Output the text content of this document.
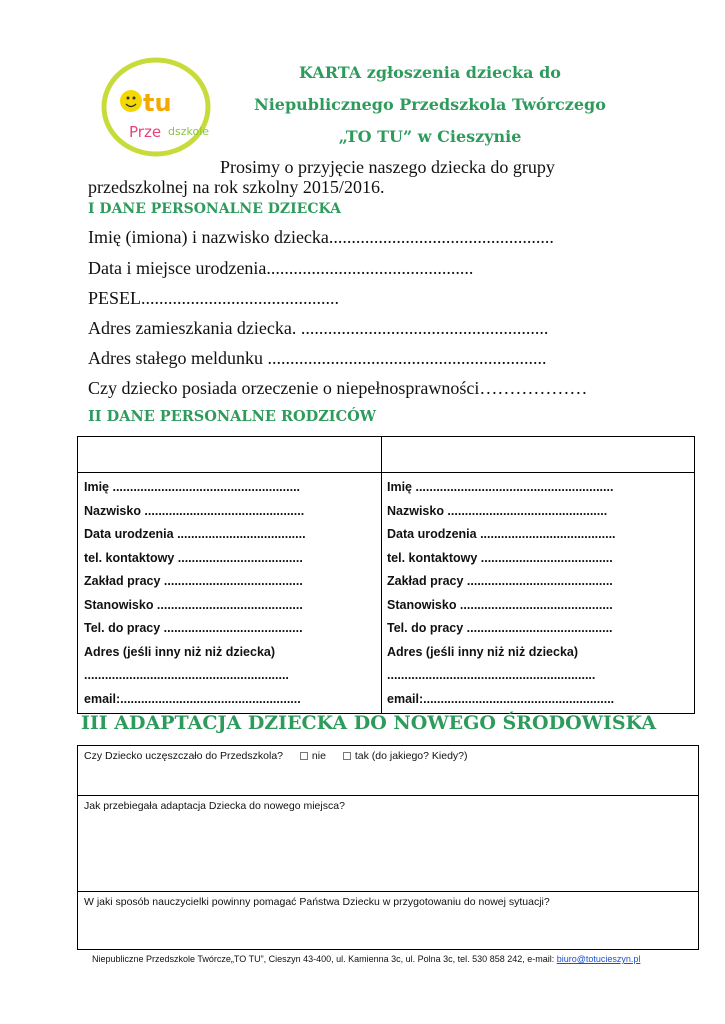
tu
Prze dszkole
KARTA zgłoszenia dziecka do
Niepublicznego Przedszkola Twórczego
„TO TU” w Cieszynie
Prosimy o przyjęcie naszego dziecka do grupy
przedszkolnej na rok szkolny 2015/2016.
I DANE PERSONALNE DZIECKA
Imię (imiona) i nazwisko dziecka..................................................
Data i miejsce urodzenia..............................................
PESEL............................................
Adres zamieszkania dziecka. .......................................................
Adres stałego meldunku ..............................................................
Czy dziecko posiada orzeczenie o niepełnosprawności………………
II DANE PERSONALNE RODZICÓW
Imię ......................................................
Nazwisko ..............................................
Data urodzenia .....................................
tel. kontaktowy ....................................
Zakład pracy ........................................
Stanowisko ..........................................
Tel. do pracy ........................................
Adres (jeśli inny niż niż dziecka)
...........................................................
email:....................................................
Imię .........................................................
Nazwisko ..............................................
Data urodzenia .......................................
tel. kontaktowy ......................................
Zakład pracy ..........................................
Stanowisko ............................................
Tel. do pracy ..........................................
Adres (jeśli inny niż niż dziecka)
............................................................
email:.......................................................
III ADAPTACJA DZIECKA DO NOWEGO ŚRODOWISKA
Czy Dziecko uczęszczało do Przedszkola?	nie	tak (do jakiego? Kiedy?)
Jak przebiegała adaptacja Dziecka do nowego miejsca?
W jaki sposób nauczycielki powinny pomagać Państwa Dziecku w przygotowaniu do nowej sytuacji?
Niepubliczne Przedszkole Twórcze„TO TU”, Cieszyn 43-400, ul. Kamienna 3c, ul. Polna 3c, tel. 530 858 242, e-mail: biuro@totucieszyn.pl
